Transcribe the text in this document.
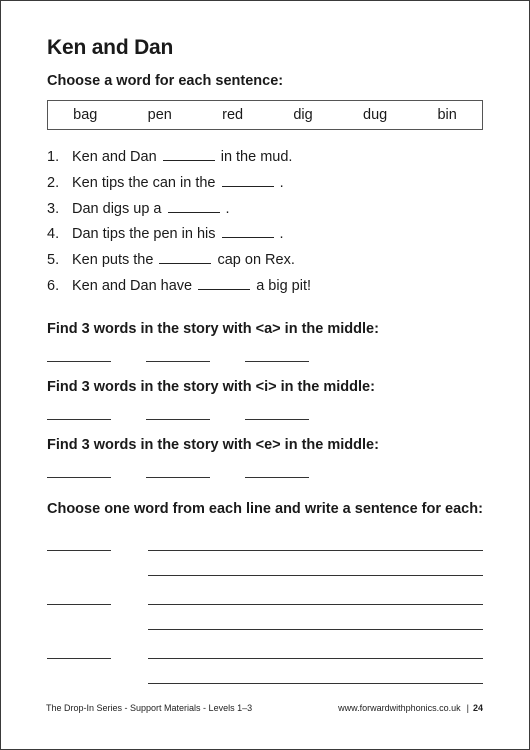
Ken and Dan
Choose a word for each sentence:
bag	pen	red	dig	dug	bin
1. Ken and Dan	in the mud.
2. Ken tips the can in the	.
3. Dan digs up a	.
4. Dan tips the pen in his	.
5. Ken puts the	cap on Rex.
6. Ken and Dan have	a big pit!
Find 3 words in the story with <a> in the middle:
Find 3 words in the story with <i> in the middle:
Find 3 words in the story with <e> in the middle:
Choose one word from each line and write a sentence for each:
The Drop-In Series - Support Materials - Levels 1–3	www.forwardwithphonics.co.uk | 24
